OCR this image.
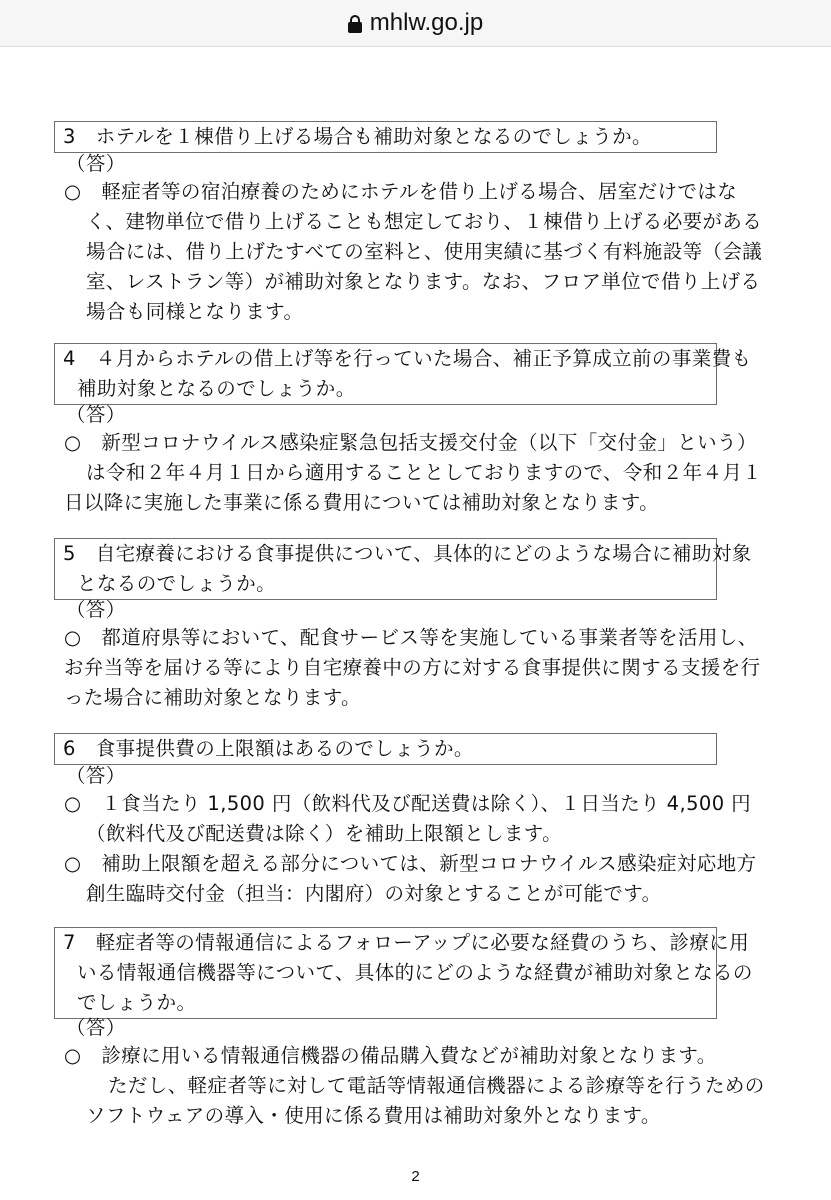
mhlw.go.jp
3　ホテルを１棟借り上げる場合も補助対象となるのでしょうか。
（答）
○　軽症者等の宿泊療養のためにホテルを借り上げる場合、居室だけではな
く、建物単位で借り上げることも想定しており、１棟借り上げる必要がある
場合には、借り上げたすべての室料と、使用実績に基づく有料施設等（会議
室、レストラン等）が補助対象となります。なお、フロア単位で借り上げる
場合も同様となります。
4　４月からホテルの借上げ等を行っていた場合、補正予算成立前の事業費も
補助対象となるのでしょうか。
（答）
○　新型コロナウイルス感染症緊急包括支援交付金（以下「交付金」という）
は令和２年４月１日から適用することとしておりますので、令和２年４月１
日以降に実施した事業に係る費用については補助対象となります。
5　自宅療養における食事提供について、具体的にどのような場合に補助対象
となるのでしょうか。
（答）
○　都道府県等において、配食サービス等を実施している事業者等を活用し、
お弁当等を届ける等により自宅療養中の方に対する食事提供に関する支援を行
った場合に補助対象となります。
6　食事提供費の上限額はあるのでしょうか。
（答）
○　１食当たり 1,500 円（飲料代及び配送費は除く）、１日当たり 4,500 円
（飲料代及び配送費は除く）を補助上限額とします。
○　補助上限額を超える部分については、新型コロナウイルス感染症対応地方
創生臨時交付金（担当：内閣府）の対象とすることが可能です。
7　軽症者等の情報通信によるフォローアップに必要な経費のうち、診療に用
いる情報通信機器等について、具体的にどのような経費が補助対象となるの
でしょうか。
（答）
○　診療に用いる情報通信機器の備品購入費などが補助対象となります。
ただし、軽症者等に対して電話等情報通信機器による診療等を行うための
ソフトウェアの導入・使用に係る費用は補助対象外となります。
2
